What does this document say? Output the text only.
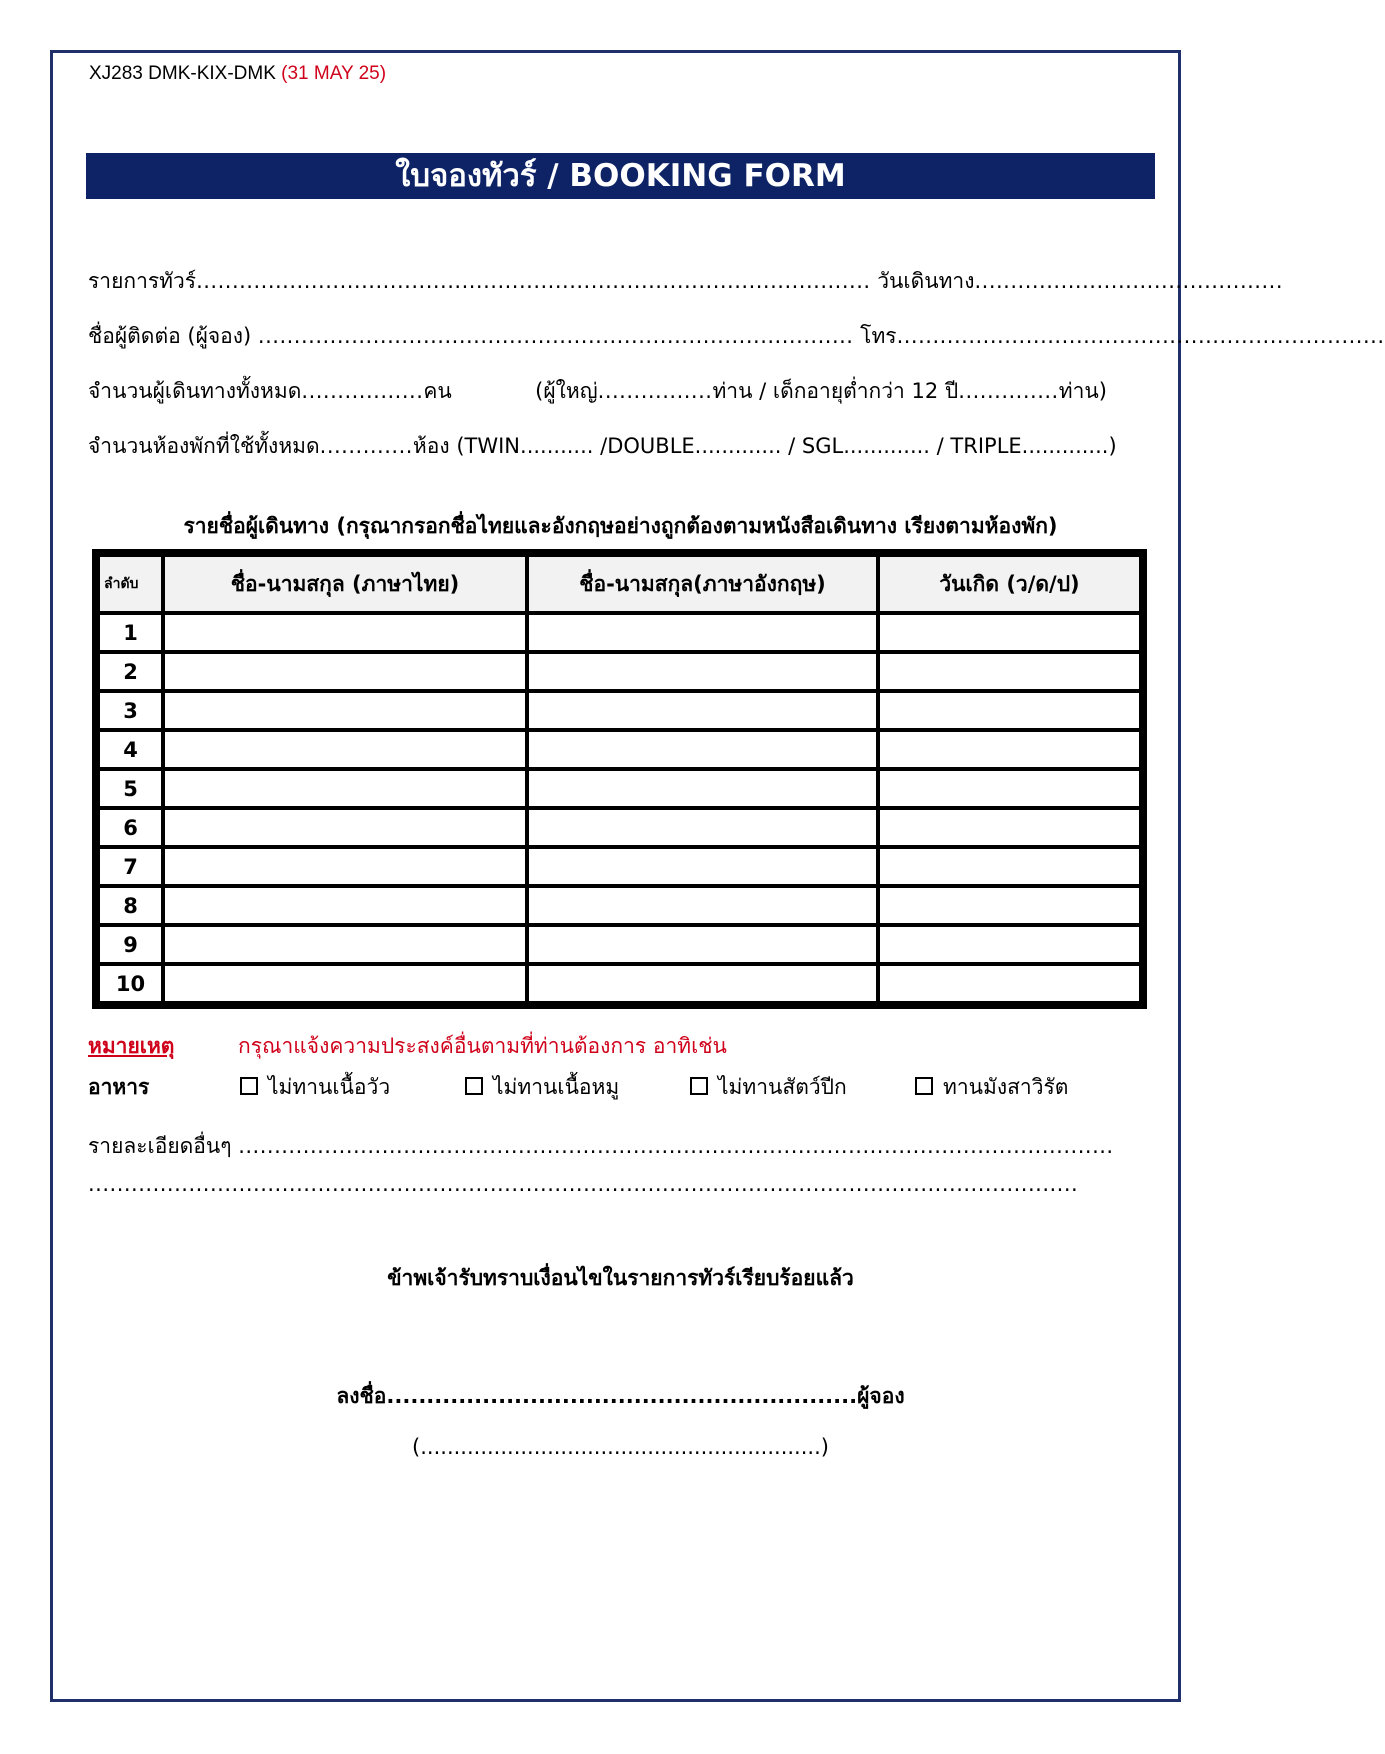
XJ283 DMK-KIX-DMK (31 MAY 25)
ใบจองทัวร์ / BOOKING FORM
รายการทัวร์.............................................................................................. วันเดินทาง...........................................
ชื่อผู้ติดต่อ (ผู้จอง) ................................................................................... โทร....................................................................
จำนวนผู้เดินทางทั้งหมด.................คน	(ผู้ใหญ่................ท่าน / เด็กอายุต่ำกว่า 12 ปี..............ท่าน)
จำนวนห้องพักที่ใช้ทั้งหมด.............ห้อง (TWIN........... /DOUBLE............. / SGL............. / TRIPLE.............)
รายชื่อผู้เดินทาง (กรุณากรอกชื่อไทยและอังกฤษอย่างถูกต้องตามหนังสือเดินทาง เรียงตามห้องพัก)
ลำดับ	ชื่อ-นามสกุล (ภาษาไทย)	ชื่อ-นามสกุล(ภาษาอังกฤษ)	วันเกิด (ว/ด/ป)
1			
2			
3			
4			
5			
6			
7			
8			
9			
10			
หมายเหตุ	กรุณาแจ้งความประสงค์อื่นตามที่ท่านต้องการ อาทิเช่น
อาหาร	ไม่ทานเนื้อวัว	ไม่ทานเนื้อหมู	ไม่ทานสัตว์ปีก	ทานมังสาวิรัต
รายละเอียดอื่นๆ ..........................................................................................................................
..........................................................................................................................................
ข้าพเจ้ารับทราบเงื่อนไขในรายการทัวร์เรียบร้อยแล้ว
ลงชื่อ...........................................................ผู้จอง
(............................................................)
